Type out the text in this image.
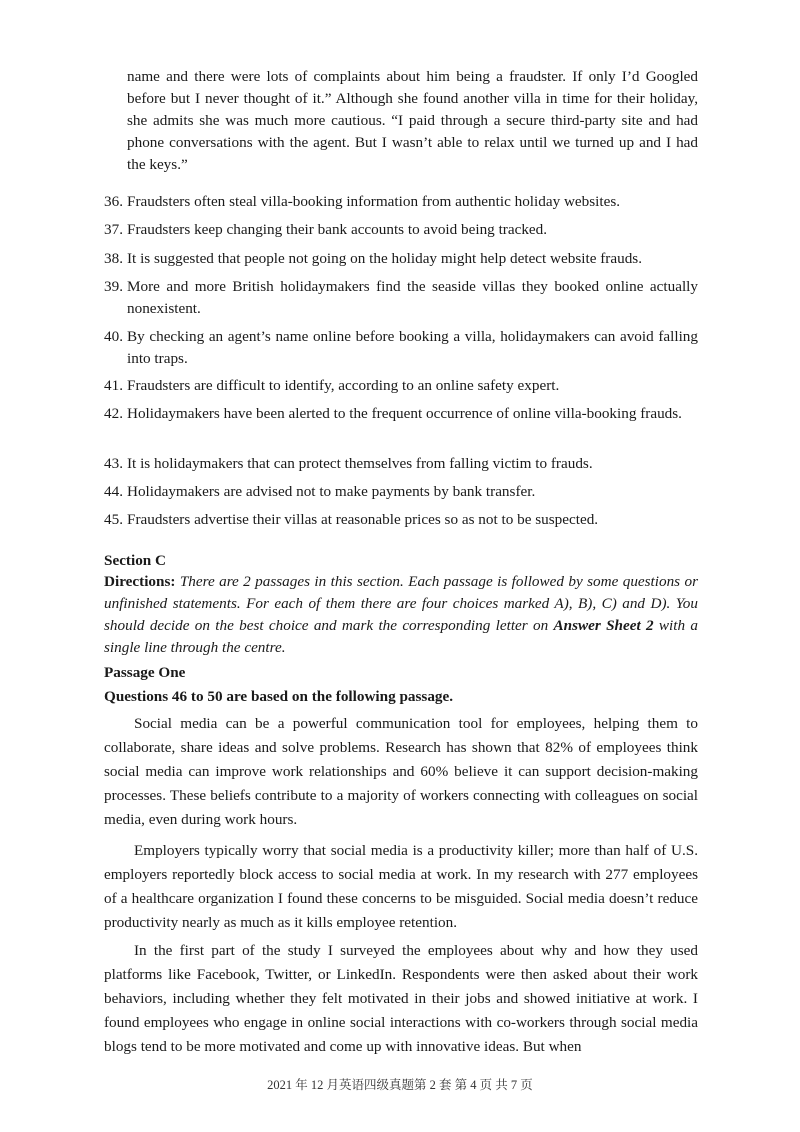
name and there were lots of complaints about him being a fraudster. If only I’d Googled before but I never thought of it.” Although she found another villa in time for their holiday, she admits she was much more cautious. “I paid through a secure third-party site and had phone conversations with the agent. But I wasn’t able to relax until we turned up and I had the keys.”
36. Fraudsters often steal villa-booking information from authentic holiday websites.
37. Fraudsters keep changing their bank accounts to avoid being tracked.
38. It is suggested that people not going on the holiday might help detect website frauds.
39. More and more British holidaymakers find the seaside villas they booked online actually nonexistent.
40. By checking an agent’s name online before booking a villa, holidaymakers can avoid falling into traps.
41. Fraudsters are difficult to identify, according to an online safety expert.
42. Holidaymakers have been alerted to the frequent occurrence of online villa-booking frauds.
43. It is holidaymakers that can protect themselves from falling victim to frauds.
44. Holidaymakers are advised not to make payments by bank transfer.
45. Fraudsters advertise their villas at reasonable prices so as not to be suspected.
Section C
Directions: There are 2 passages in this section. Each passage is followed by some questions or unfinished statements. For each of them there are four choices marked A), B), C) and D). You should decide on the best choice and mark the corresponding letter on Answer Sheet 2 with a single line through the centre.
Passage One
Questions 46 to 50 are based on the following passage.
Social media can be a powerful communication tool for employees, helping them to collaborate, share ideas and solve problems. Research has shown that 82% of employees think social media can improve work relationships and 60% believe it can support decision-making processes. These beliefs contribute to a majority of workers connecting with colleagues on social media, even during work hours.
Employers typically worry that social media is a productivity killer; more than half of U.S. employers reportedly block access to social media at work. In my research with 277 employees of a healthcare organization I found these concerns to be misguided. Social media doesn’t reduce productivity nearly as much as it kills employee retention.
In the first part of the study I surveyed the employees about why and how they used platforms like Facebook, Twitter, or LinkedIn. Respondents were then asked about their work behaviors, including whether they felt motivated in their jobs and showed initiative at work. I found employees who engage in online social interactions with co-workers through social media blogs tend to be more motivated and come up with innovative ideas. But when
2021 年 12 月英语四级真题第 2 套 第 4 页 共 7 页
